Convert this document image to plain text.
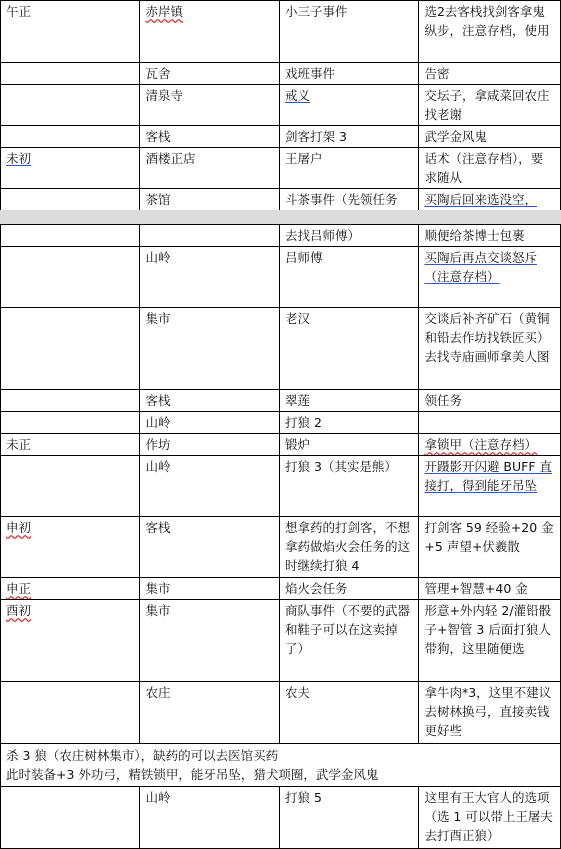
午正	赤岸镇	小三子事件	选2去客栈找剑客拿鬼纵步，注意存档，使用
	瓦舍	戏班事件	告密
	清泉寺	戒义	交坛子，拿咸菜回农庄找老谢
	客栈	剑客打架 3	武学金风鬼
未初	酒楼正店	王屠户	话术（注意存档），要求随从
	茶馆	斗茶事件（先领任务	买陶后回来选没空，
		去找吕师傅）	顺便给茶博士包裹
	山岭	吕师傅	买陶后再点交谈怒斥（注意存档）
	集市	老汉	交谈后补齐矿石（黄铜和铅去作坊找铁匠买）去找寺庙画师拿美人图
	客栈	翠莲	领任务
	山岭	打狼 2	
未正	作坊	锻炉	拿锁甲（注意存档）
	山岭	打狼 3（其实是熊）	开蹑影开闪避 BUFF 直接打，得到能牙吊坠
申初	客栈	想拿药的打剑客，不想拿药做焰火会任务的这时继续打狼 4	打剑客 59 经验+20 金+5 声望+伏羲散
申正	集市	焰火会任务	管理+智慧+40 金
酉初	集市	商队事件（不要的武器和鞋子可以在这卖掉了）	形意+外内轻 2/灌铅骰子+智管 3 后面打狼人带狗，这里随便选
	农庄	农夫	拿牛肉*3，这里不建议去树林换弓，直接卖钱更好些

杀 3 狼（农庄树林集市），缺药的可以去医馆买药
此时装备+3 外功弓，精铁锁甲，能牙吊坠，猎犬项圈，武学金风鬼			

	山岭	打狼 5	这里有王大官人的选项（选 1 可以带上王屠夫去打酉正狼）
